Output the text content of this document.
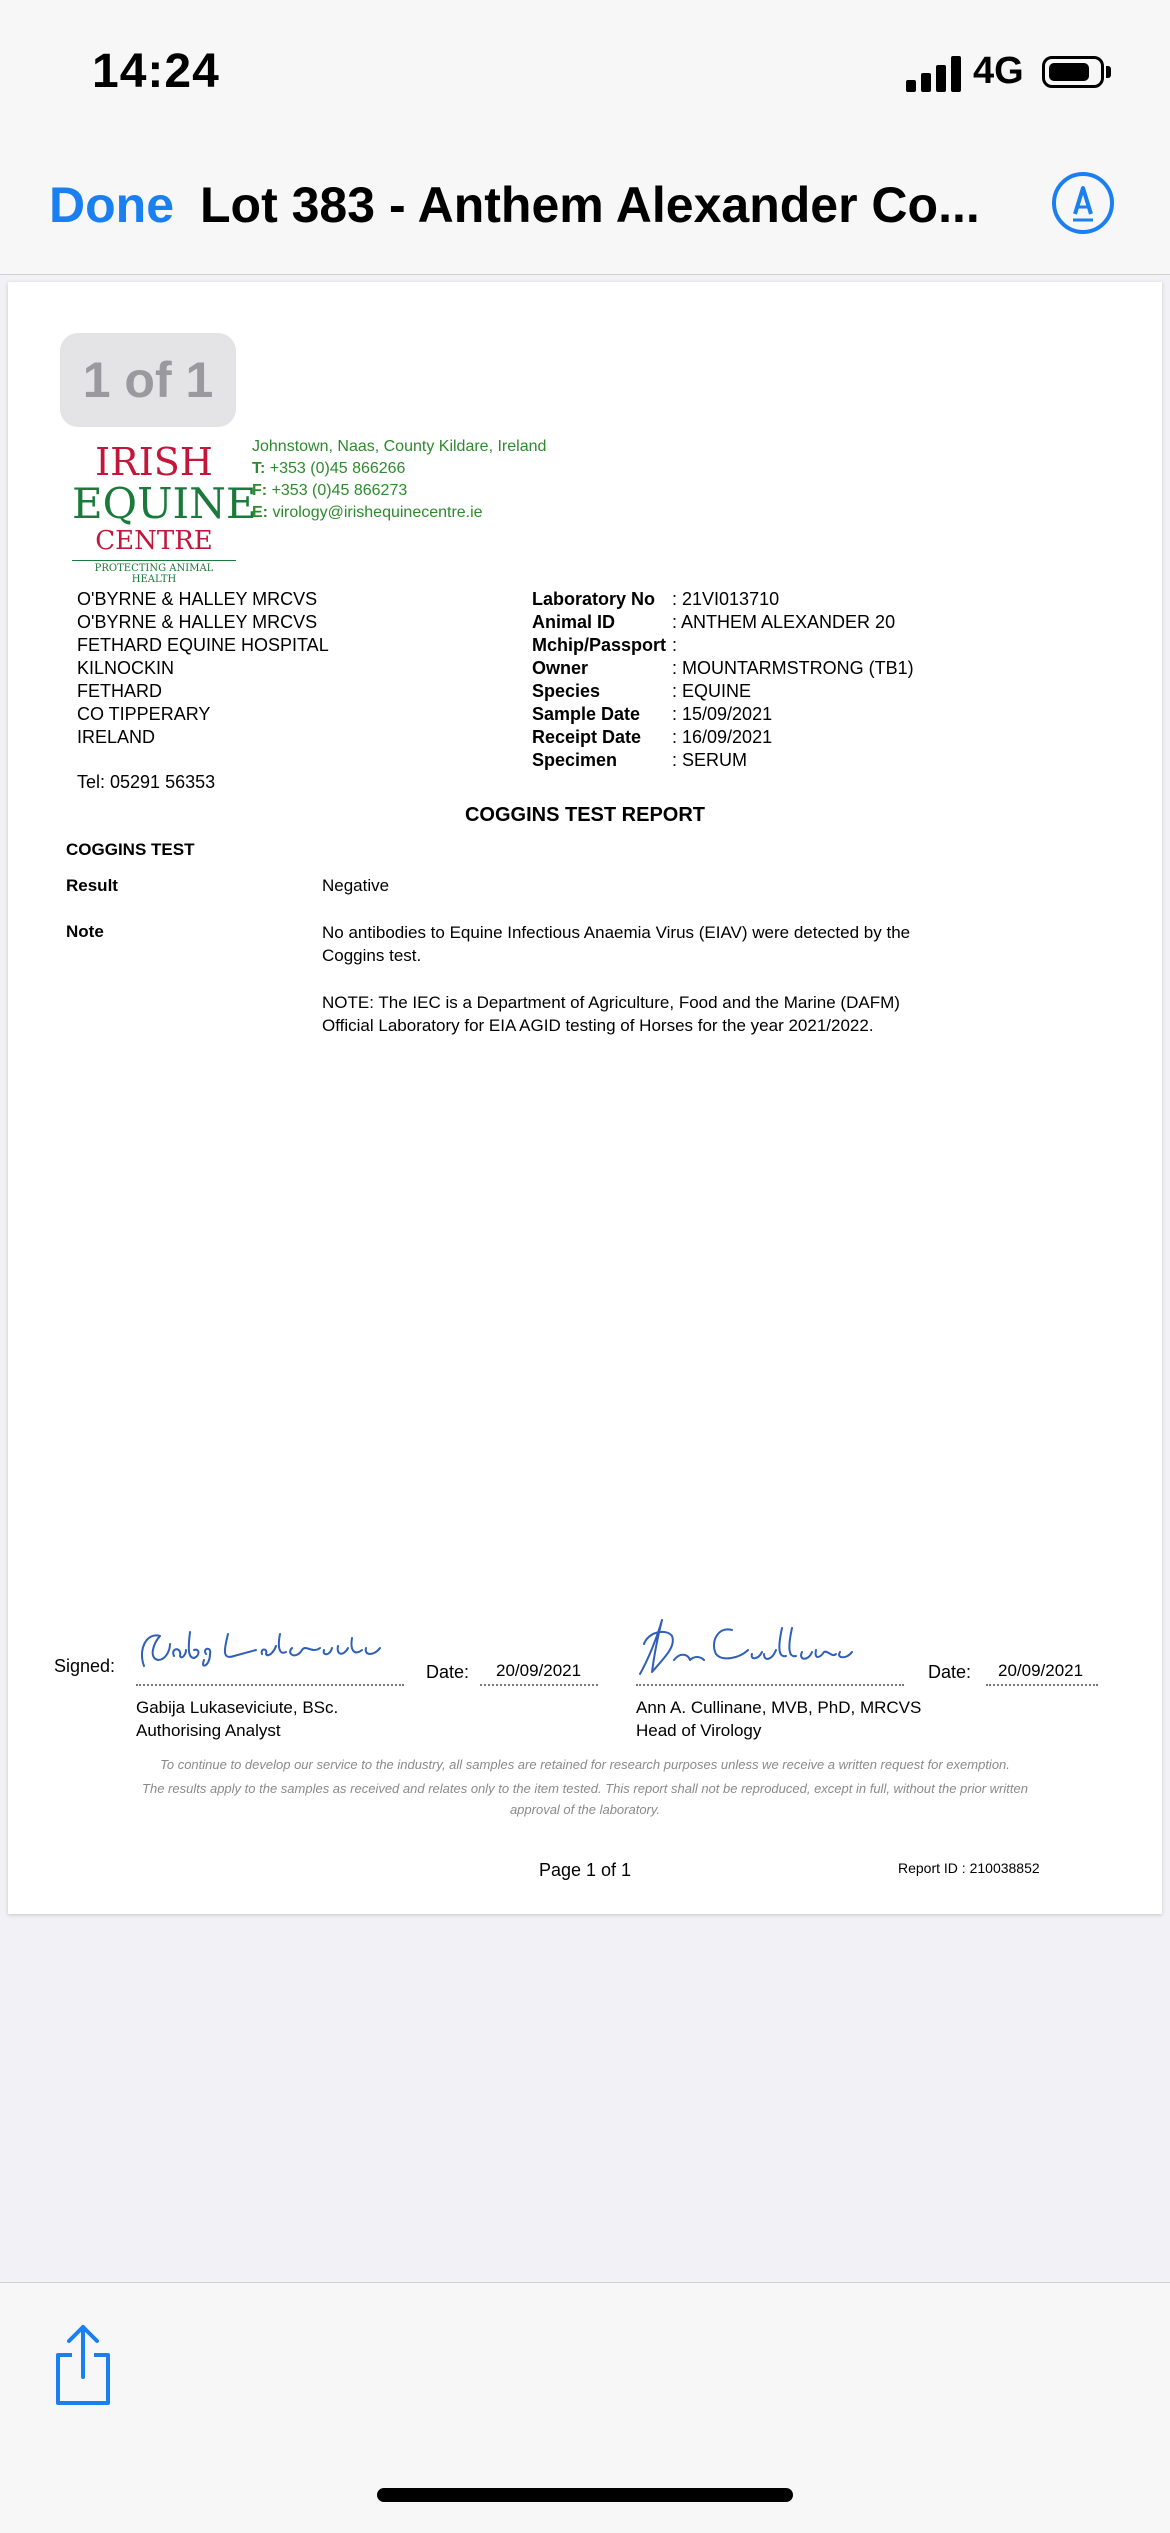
14:24	4G
Done Lot 383 - Anthem Alexander Co...
1 of 1
IRISH
EQUINE
CENTRE
PROTECTING ANIMAL HEALTH
Johnstown, Naas, County Kildare, Ireland
T: +353 (0)45 866266
F: +353 (0)45 866273
E: virology@irishequinecentre.ie
O'BYRNE & HALLEY MRCVS
O'BYRNE & HALLEY MRCVS
FETHARD EQUINE HOSPITAL
KILNOCKIN
FETHARD
CO TIPPERARY
IRELAND
Tel: 05291 56353
Laboratory No : 21VI013710
Animal ID	: ANTHEM ALEXANDER 20
Mchip/Passport :
Owner	: MOUNTARMSTRONG (TB1)
Species	: EQUINE
Sample Date	: 15/09/2021
Receipt Date	: 16/09/2021
Specimen	: SERUM
COGGINS TEST REPORT
COGGINS TEST
Result	Negative
Note	No antibodies to Equine Infectious Anaemia Virus (EIAV) were detected by the Coggins test.
NOTE: The IEC is a Department of Agriculture, Food and the Marine (DAFM) Official Laboratory for EIA AGID testing of Horses for the year 2021/2022.
Signed:	Date: 20/09/2021
Gabija Lukaseviciute, BSc.
Authorising Analyst
Date: 20/09/2021
Ann A. Cullinane, MVB, PhD, MRCVS
Head of Virology
To continue to develop our service to the industry, all samples are retained for research purposes unless we receive a written request for exemption.
The results apply to the samples as received and relates only to the item tested. This report shall not be reproduced, except in full, without the prior written approval of the laboratory.
Page 1 of 1	Report ID : 210038852
